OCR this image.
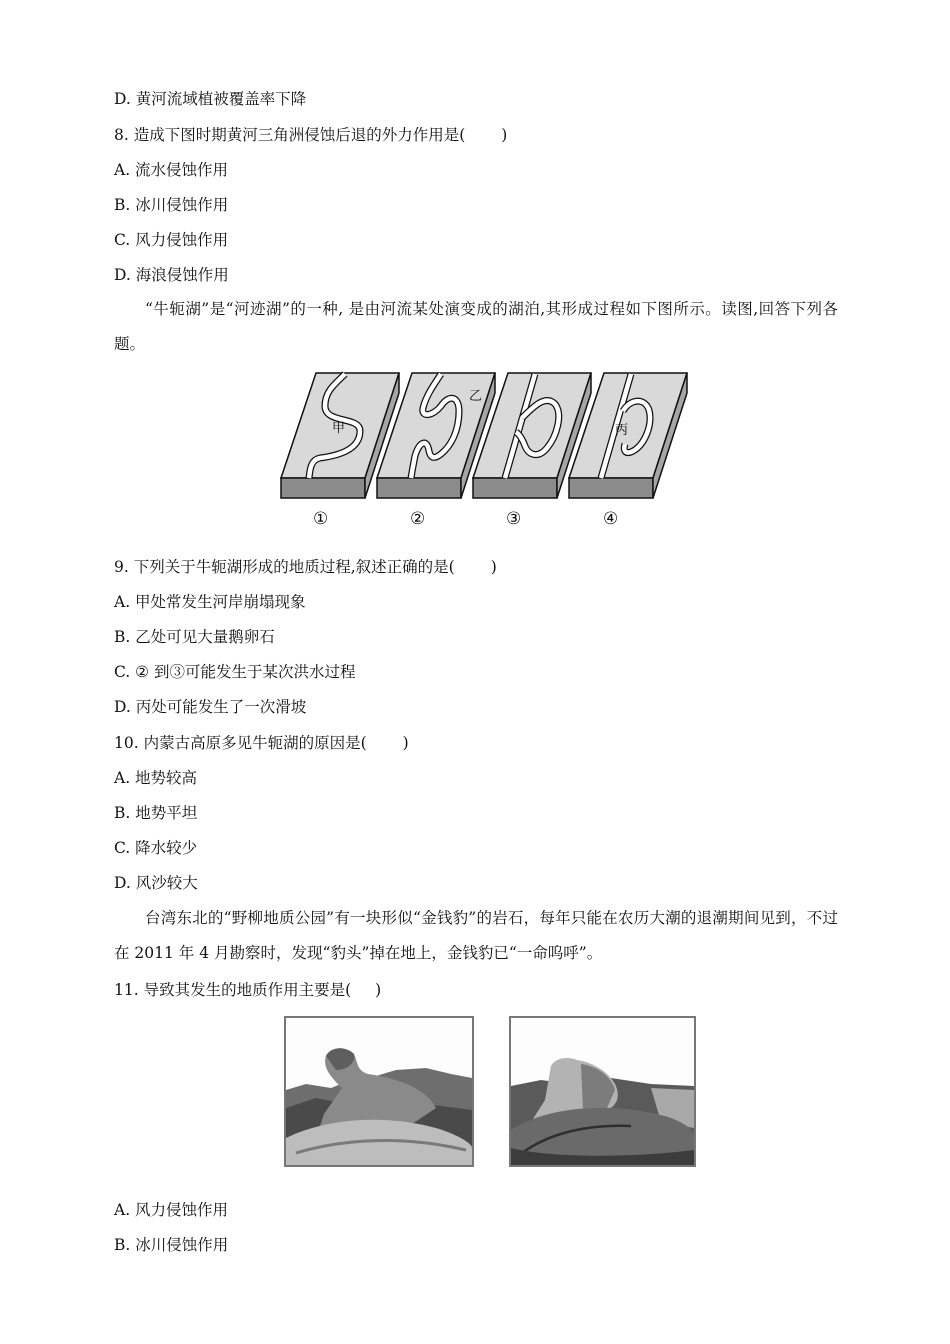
D. 黄河流域植被覆盖率下降
8. 造成下图时期黄河三角洲侵蚀后退的外力作用是( )
A. 流水侵蚀作用
B. 冰川侵蚀作用
C. 风力侵蚀作用
D. 海浪侵蚀作用
“牛轭湖”是“河迹湖”的一种, 是由河流某处演变成的湖泊,其形成过程如下图所示。读图,回答下列各题。
甲
乙
丙
①	②	③	④
9. 下列关于牛轭湖形成的地质过程,叙述正确的是( )
A. 甲处常发生河岸崩塌现象
B. 乙处可见大量鹅卵石
C. ② 到③可能发生于某次洪水过程
D. 丙处可能发生了一次滑坡
10. 内蒙古高原多见牛轭湖的原因是( )
A. 地势较高
B. 地势平坦
C. 降水较少
D. 风沙较大
台湾东北的“野柳地质公园”有一块形似“金钱豹”的岩石，每年只能在农历大潮的退潮期间见到，不过在 2011 年 4 月勘察时，发现“豹头”掉在地上，金钱豹已“一命呜呼”。
11. 导致其发生的地质作用主要是( )
A. 风力侵蚀作用
B. 冰川侵蚀作用
